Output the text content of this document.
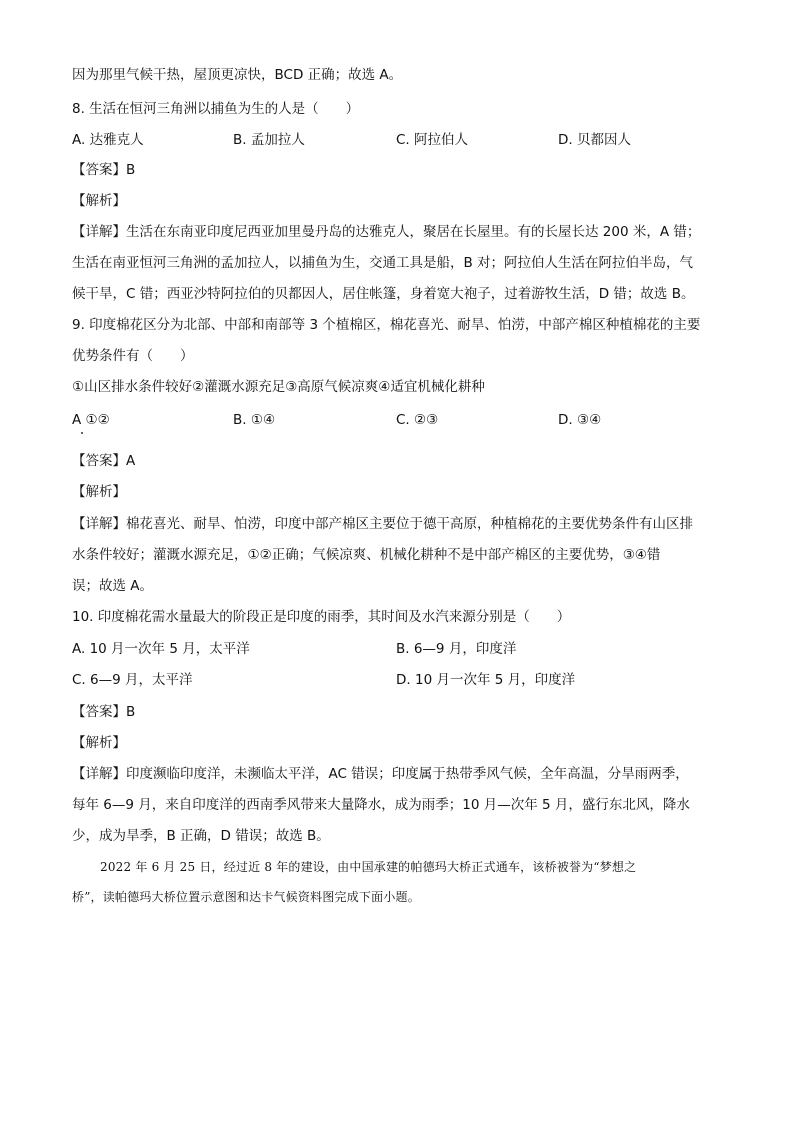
因为那里气候干热，屋顶更凉快，BCD 正确；故选 A。

8. 生活在恒河三角洲以捕鱼为生的人是（　　）

A. 达雅克人	B. 孟加拉人	C. 阿拉伯人	D. 贝都因人

【答案】B

【解析】

【详解】生活在东南亚印度尼西亚加里曼丹岛的达雅克人，聚居在长屋里。有的长屋长达 200 米，A 错；

生活在南亚恒河三角洲的孟加拉人，以捕鱼为生，交通工具是船，B 对；阿拉伯人生活在阿拉伯半岛，气

候干旱，C 错；西亚沙特阿拉伯的贝都因人，居住帐篷，身着宽大袍子，过着游牧生活，D 错；故选 B。

9. 印度棉花区分为北部、中部和南部等 3 个植棉区，棉花喜光、耐旱、怕涝，中部产棉区种植棉花的主要

优势条件有（　　）

①山区排水条件较好②灌溉水源充足③高原气候凉爽④适宜机械化耕种

A ①②	B. ①④	C. ②③	D. ③④

【答案】A

【解析】

【详解】棉花喜光、耐旱、怕涝，印度中部产棉区主要位于德干高原，种植棉花的主要优势条件有山区排

水条件较好；灌溉水源充足，①②正确；气候凉爽、机械化耕种不是中部产棉区的主要优势，③④错

误；故选 A。

10. 印度棉花需水量最大的阶段正是印度的雨季，其时间及水汽来源分别是（　　）

A. 10 月一次年 5 月，太平洋	B. 6—9 月，印度洋

C. 6—9 月，太平洋	D. 10 月一次年 5 月，印度洋

【答案】B

【解析】

【详解】印度濒临印度洋，未濒临太平洋，AC 错误；印度属于热带季风气候，全年高温，分旱雨两季，

每年 6—9 月，来自印度洋的西南季风带来大量降水，成为雨季；10 月—次年 5 月，盛行东北风，降水

少，成为旱季，B 正确，D 错误；故选 B。

2022 年 6 月 25 日，经过近 8 年的建设，由中国承建的帕德玛大桥正式通车，该桥被誉为“梦想之

桥”，读帕德玛大桥位置示意图和达卡气候资料图完成下面小题。
